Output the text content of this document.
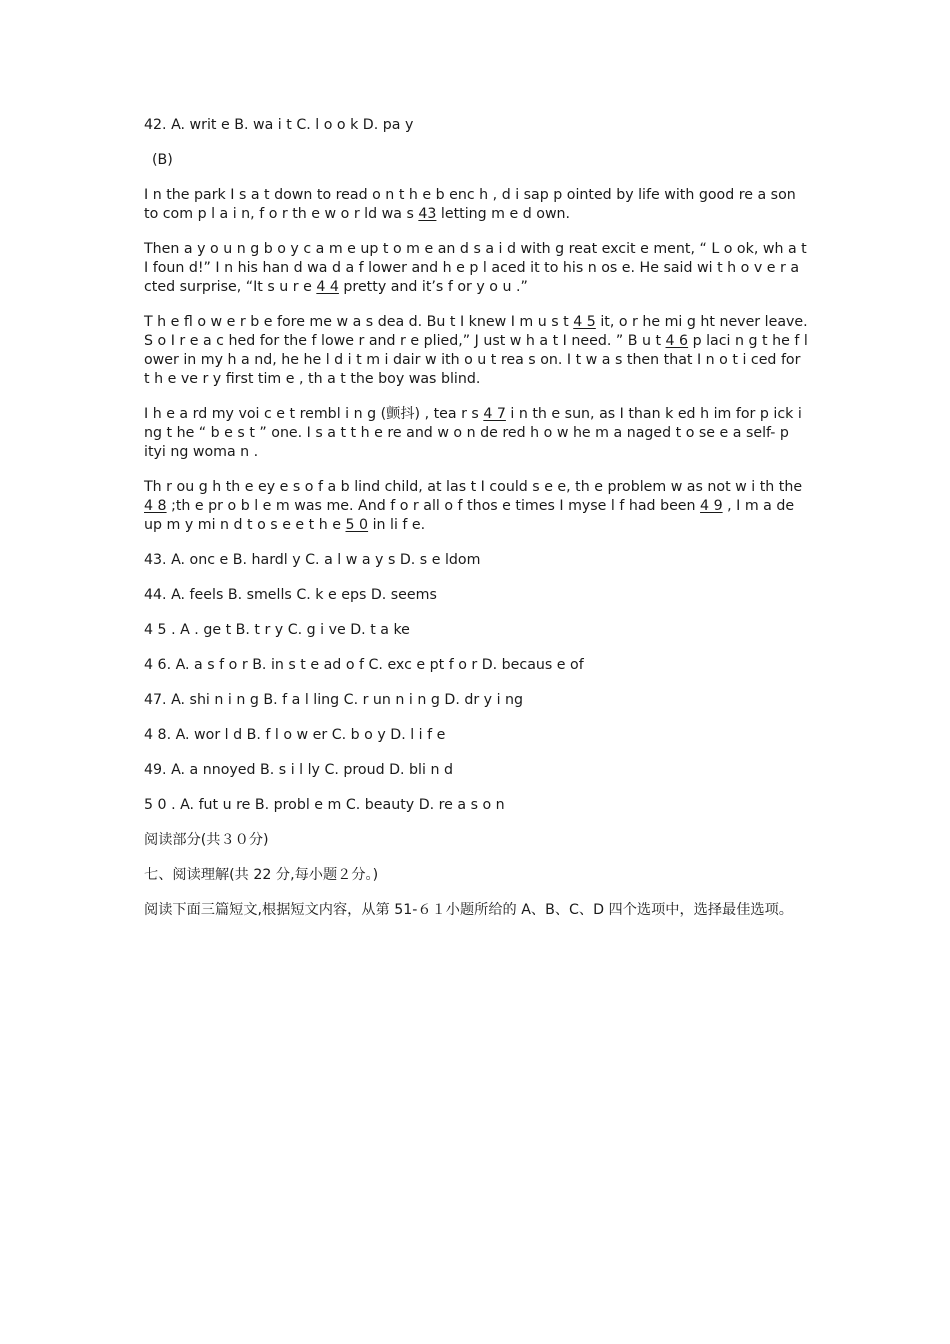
42. A. writ e B. wa i t C. l o o k D. pa y

(B)

I n the park I s a t down to read o n t h e b enc h , d i sap p ointed by life with good re a son to com p l a i n, f o r th e w o r ld wa s 43 letting m e d own.

Then a y o u n g b o y c a m e up t o m e an d s a i d with g reat excit e ment, “ L o ok, wh a t I foun d!” I n his han d wa d a f lower and h e p l aced it to his n os e. He said wi t h o v e r a cted surprise, “It s u r e 4 4 pretty and it’s f or y o u .”

T h e fl o w e r b e fore me w a s dea d. Bu t I knew I m u s t 4 5 it, o r he mi g ht never leave. S o I r e a c hed for the f lowe r and r e plied,” J ust w h a t I need. ” B u t 4 6 p laci n g t he f l ower in my h a nd, he he l d i t m i dair w ith o u t rea s on. I t w a s then that I n o t i ced for t h e ve r y first tim e , th a t the boy was blind.

I h e a rd my voi c e t rembl i n g (颤抖) , tea r s 4 7 i n th e sun, as I than k ed h im for p ick i ng t he “ b e s t ” one. I s a t t h e re and w o n de red h o w he m a naged t o se e a self- p ityi ng woma n .

Th r ou g h th e ey e s o f a b lind child, at las t I could s e e, th e problem w as not w i th the 4 8 ;th e pr o b l e m was me. And f o r all o f thos e times I myse l f had been 4 9 , I m a de up m y mi n d t o s e e t h e 5 0 in li f e.

43. A. onc e B. hardl y C. a l w a y s D. s e ldom

44. A. feels B. smells C. k e eps D. seems

4 5 . A . ge t B. t r y C. g i ve D. t a ke

4 6. A. a s f o r B. in s t e ad o f C. exc e pt f o r D. becaus e of

47. A. shi n i n g B. f a l ling C. r un n i n g D. dr y i ng

4 8. A. wor l d B. f l o w er C. b o y D. l i f e

49. A. a nnoyed B. s i l ly C. proud D. bli n d

5 0 . A. fut u re B. probl e m C. beauty D. re a s o n

阅读部分(共３０分)

七、阅读理解(共 22 分,每小题２分。)

阅读下面三篇短文,根据短文内容，从第 51-６１小题所给的 A、B、C、D 四个选项中，选择最佳选项。
